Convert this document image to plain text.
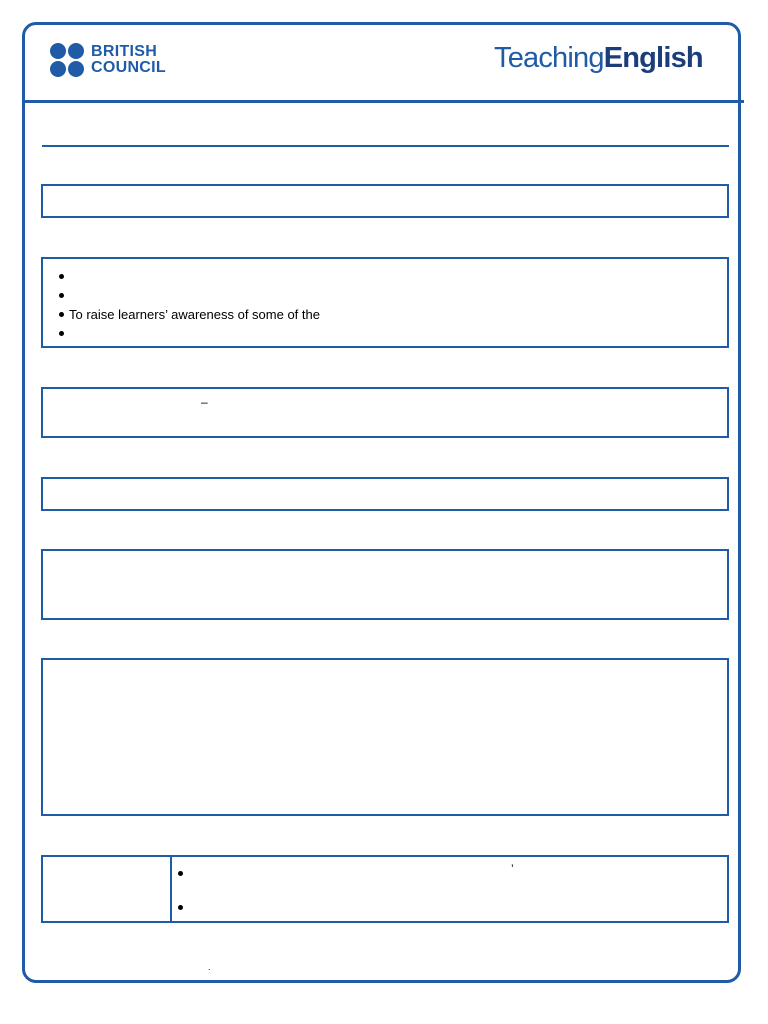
BRITISH
COUNCIL	TeachingEnglish
To raise learners’ awareness of some of the
–
’
.
